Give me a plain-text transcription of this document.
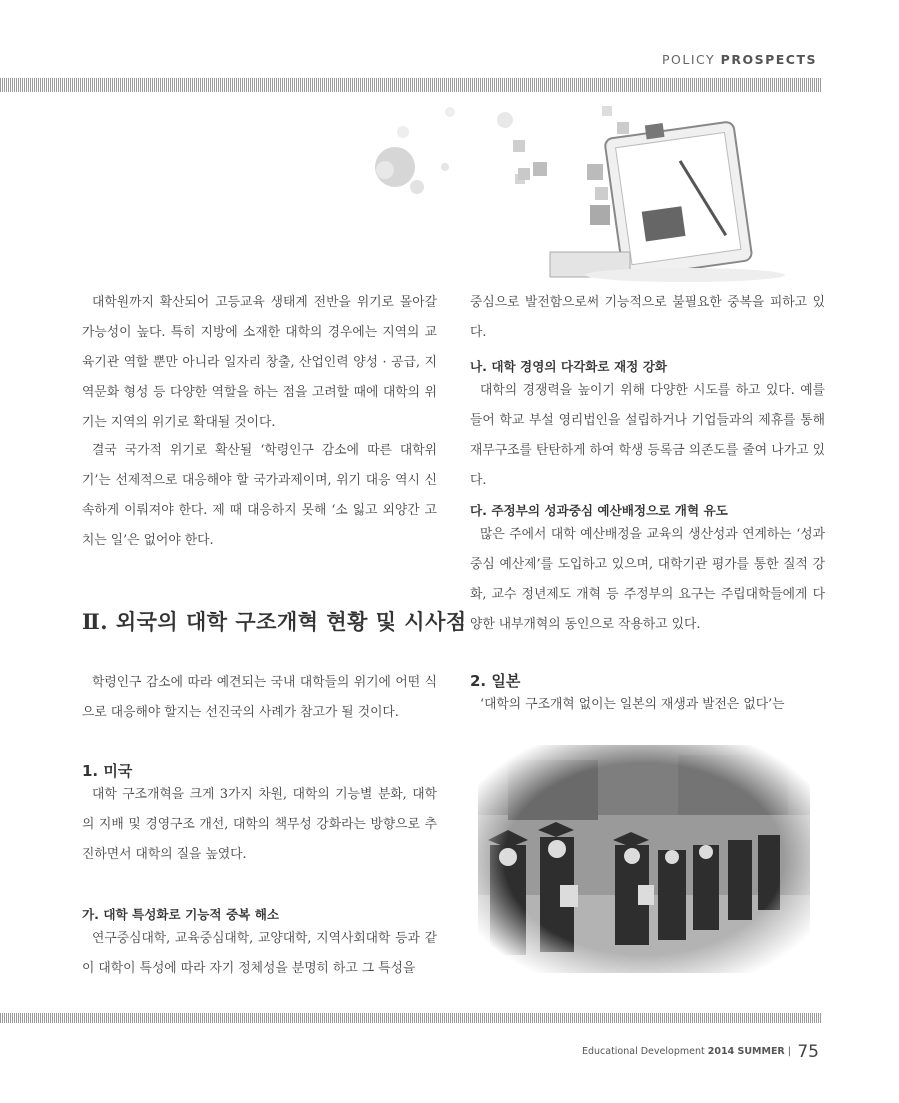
POLICY PROSPECTS

대학원까지 확산되어 고등교육 생태계 전반을 위기로 몰아갈 가능성이 높다. 특히 지방에 소재한 대학의 경우에는 지역의 교육기관 역할 뿐만 아니라 일자리 창출, 산업인력 양성 · 공급, 지역문화 형성 등 다양한 역할을 하는 점을 고려할 때에 대학의 위기는 지역의 위기로 확대될 것이다.

결국 국가적 위기로 확산될 ‘학령인구 감소에 따른 대학위기’는 선제적으로 대응해야 할 국가과제이며, 위기 대응 역시 신속하게 이뤄져야 한다. 제 때 대응하지 못해 ‘소 잃고 외양간 고치는 일’은 없어야 한다.

Ⅱ. 외국의 대학 구조개혁 현황 및 시사점

학령인구 감소에 따라 예견되는 국내 대학들의 위기에 어떤 식으로 대응해야 할지는 선진국의 사례가 참고가 될 것이다.

1. 미국

대학 구조개혁을 크게 3가지 차원, 대학의 기능별 분화, 대학의 지배 및 경영구조 개선, 대학의 책무성 강화라는 방향으로 추진하면서 대학의 질을 높였다.

가. 대학 특성화로 기능적 중복 해소

연구중심대학, 교육중심대학, 교양대학, 지역사회대학 등과 같이 대학이 특성에 따라 자기 정체성을 분명히 하고 그 특성을

중심으로 발전함으로써 기능적으로 불필요한 중복을 피하고 있다.

나. 대학 경영의 다각화로 재정 강화

대학의 경쟁력을 높이기 위해 다양한 시도를 하고 있다. 예를 들어 학교 부설 영리법인을 설립하거나 기업들과의 제휴를 통해 재무구조를 탄탄하게 하여 학생 등록금 의존도를 줄여 나가고 있다.

다. 주정부의 성과중심 예산배정으로 개혁 유도

많은 주에서 대학 예산배정을 교육의 생산성과 연계하는 ‘성과중심 예산제’를 도입하고 있으며, 대학기관 평가를 통한 질적 강화, 교수 정년제도 개혁 등 주정부의 요구는 주립대학들에게 다양한 내부개혁의 동인으로 작용하고 있다.

2. 일본

‘대학의 구조개혁 없이는 일본의 재생과 발전은 없다’는

Educational Development 2014 SUMMER | 75
